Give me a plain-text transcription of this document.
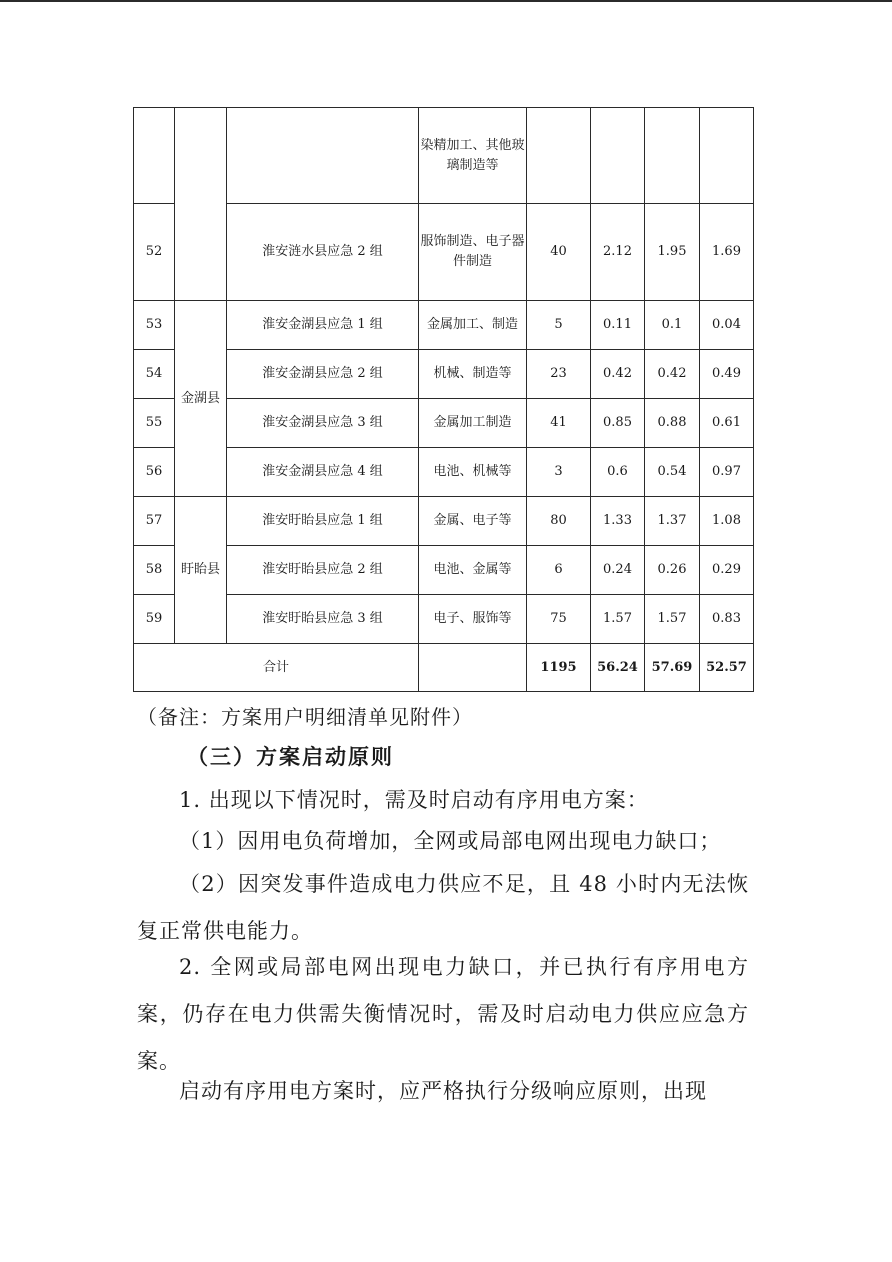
			染精加工、其他玻璃制造等				
52		淮安涟水县应急 2 组	服饰制造、电子器件制造	40	2.12	1.95	1.69
53	金湖县	淮安金湖县应急 1 组	金属加工、制造	5	0.11	0.1	0.04
54		淮安金湖县应急 2 组	机械、制造等	23	0.42	0.42	0.49
55		淮安金湖县应急 3 组	金属加工制造	41	0.85	0.88	0.61
56		淮安金湖县应急 4 组	电池、机械等	3	0.6	0.54	0.97
57	盱眙县	淮安盱眙县应急 1 组	金属、电子等	80	1.33	1.37	1.08
58		淮安盱眙县应急 2 组	电池、金属等	6	0.24	0.26	0.29
59		淮安盱眙县应急 3 组	电子、服饰等	75	1.57	1.57	0.83
合计				1195	56.24	57.69	52.57
（备注：方案用户明细清单见附件）
（三）方案启动原则
1. 出现以下情况时，需及时启动有序用电方案：
（1）因用电负荷增加，全网或局部电网出现电力缺口；
（2）因突发事件造成电力供应不足，且 48 小时内无法恢复正常供电能力。
2. 全网或局部电网出现电力缺口，并已执行有序用电方案，仍存在电力供需失衡情况时，需及时启动电力供应应急方案。
启动有序用电方案时，应严格执行分级响应原则，出现
